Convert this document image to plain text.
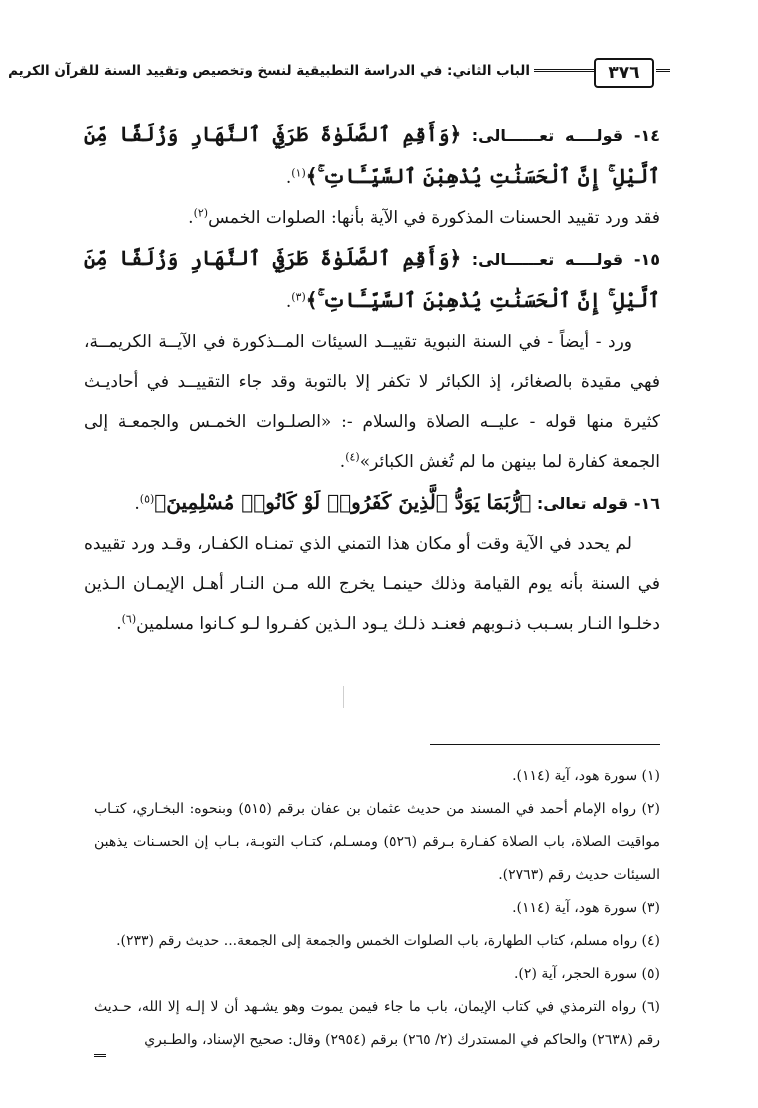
٣٧٦
الباب الثاني: في الدراسة التطبيقية لنسخ وتخصيص وتقييد السنة للقرآن الكريم

١٤- قولــــه تعــــــالى: ﴿وَأَقِمِ ٱلصَّلَوٰةَ طَرَفَيِ ٱلنَّهَارِ وَزُلَفًا مِّنَ ٱلَّيْلِ ۚ إِنَّ ٱلْحَسَنَٰتِ يُذْهِبْنَ ٱلسَّيِّـَٔاتِ ۚ﴾$^{(١)}$.

فقد ورد تقييد الحسنات المذكورة في الآية بأنها: الصلوات الخمس$^{(٢)}$.

١٥- قولــــه تعــــــالى: ﴿وَأَقِمِ ٱلصَّلَوٰةَ طَرَفَيِ ٱلنَّهَارِ وَزُلَفًا مِّنَ ٱلَّيْلِ ۚ إِنَّ ٱلْحَسَنَٰتِ يُذْهِبْنَ ٱلسَّيِّـَٔاتِ ۚ﴾$^{(٣)}$.

ورد - أيضاً - في السنة النبوية تقييــد السيئات المــذكورة في الآيــة الكريمــة، فهي مقيدة بالصغائر، إذ الكبائر لا تكفر إلا بالتوبة وقد جاء التقييــد في أحاديـث كثيرة منها قوله - عليــه الصلاة والسلام -: «الصلـوات الخمـس والجمعـة إلى الجمعة كفارة لما بينهن ما لم تُغش الكبائر»$^{(٤)}$.

١٦- قوله تعالى: ﴿رُّبَمَا يَوَدُّ ٱلَّذِينَ كَفَرُوا۟ لَوْ كَانُوا۟ مُسْلِمِينَ﴾$^{(٥)}$.

لم يحدد في الآية وقت أو مكان هذا التمني الذي تمنـاه الكفـار، وقـد ورد تقييده في السنة بأنه يوم القيامة وذلك حينمـا يخرج الله مـن النـار أهـل الإيمـان الـذين دخلـوا النـار بسـبب ذنـوبهم فعنـد ذلـك يـود الـذين كفـروا لـو كـانوا مسلمين$^{(٦)}$.

(١) سورة هود، آية (١١٤).

(٢) رواه الإمام أحمد في المسند من حديث عثمان بن عفان برقم (٥١٥) وبنحوه: البخـاري، كتـاب مواقيت الصلاة، باب الصلاة كفـارة بـرقم (٥٢٦) ومسـلم، كتـاب التوبـة، بـاب إن الحسـنات يذهبن السيئات حديث رقم (٢٧٦٣).

(٣) سورة هود، آية (١١٤).

(٤) رواه مسلم، كتاب الطهارة، باب الصلوات الخمس والجمعة إلى الجمعة... حديث رقم (٢٣٣).

(٥) سورة الحجر، آية (٢).

(٦) رواه الترمذي في كتاب الإيمان، باب ما جاء فيمن يموت وهو يشـهد أن لا إلـه إلا الله، حـديث رقم (٢٦٣٨) والحاكم في المستدرك (٢/ ٢٦٥) برقم (٢٩٥٤) وقال: صحيح الإسناد، والطـبري
